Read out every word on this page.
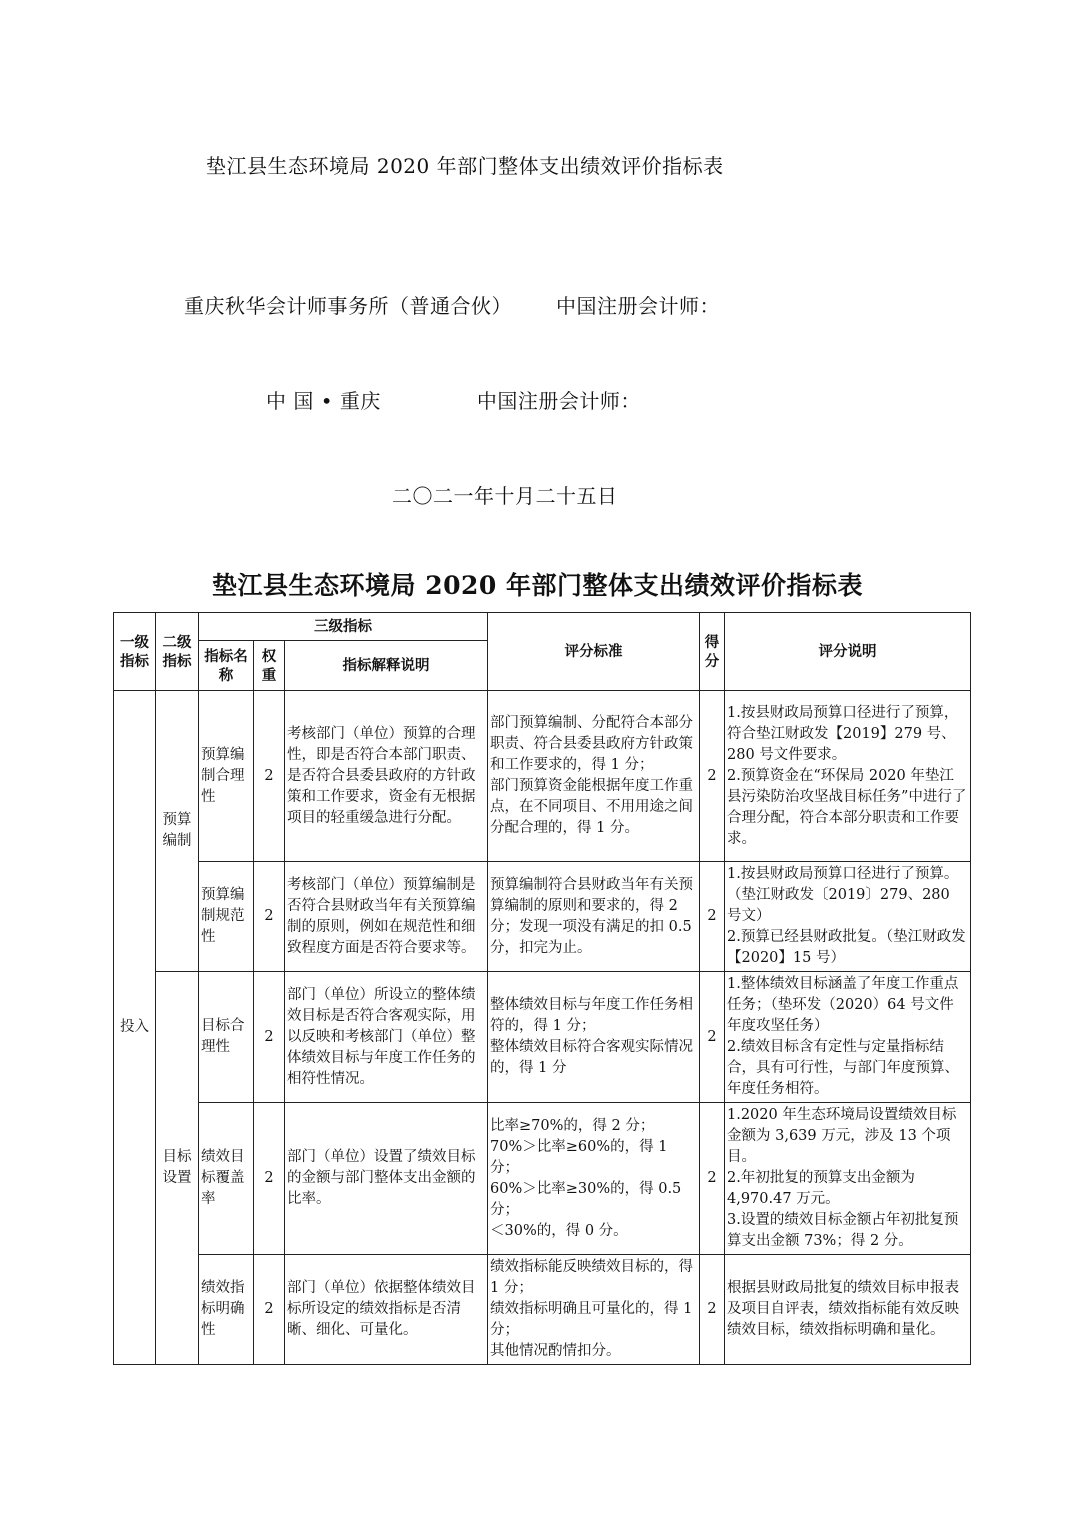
垫江县生态环境局 2020 年部门整体支出绩效评价指标表
重庆秋华会计师事务所（普通合伙） 中国注册会计师：
中 国 • 重庆	中国注册会计师：
二〇二一年十月二十五日
垫江县生态环境局 2020 年部门整体支出绩效评价指标表
一级指标	二级指标	三级指标			评分标准	得分	评分说明
		指标名称	权重	指标解释说明			
投入	预算编制	预算编制合理性	2	考核部门（单位）预算的合理性，即是否符合本部门职责、是否符合县委县政府的方针政策和工作要求，资金有无根据项目的轻重缓急进行分配。	部门预算编制、分配符合本部分职责、符合县委县政府方针政策和工作要求的，得 1 分；
部门预算资金能根据年度工作重点，在不同项目、不用用途之间分配合理的，得 1 分。	2	1.按县财政局预算口径进行了预算，符合垫江财政发【2019】279 号、280 号文件要求。
2.预算资金在“环保局 2020 年垫江县污染防治攻坚战目标任务”中进行了合理分配，符合本部分职责和工作要求。

		预算编制规范性	2	考核部门（单位）预算编制是否符合县财政当年有关预算编制的原则，例如在规范性和细致程度方面是否符合要求等。	预算编制符合县财政当年有关预算编制的原则和要求的，得 2 分；发现一项没有满足的扣 0.5 分，扣完为止。	2	1.按县财政局预算口径进行了预算。（垫江财政发〔2019〕279、280 号文）
2.预算已经县财政批复。（垫江财政发【2020】15 号）

	目标设置	目标合理性	2	部门（单位）所设立的整体绩效目标是否符合客观实际，用以反映和考核部门（单位）整体绩效目标与年度工作任务的相符性情况。	整体绩效目标与年度工作任务相符的，得 1 分；
整体绩效目标符合客观实际情况的，得 1 分	2	1.整体绩效目标涵盖了年度工作重点任务；（垫环发（2020）64 号文件年度攻坚任务）
2.绩效目标含有定性与定量指标结合，具有可行性，与部门年度预算、年度任务相符。

		绩效目标覆盖率	2	部门（单位）设置了绩效目标的金额与部门整体支出金额的比率。	比率≥70%的，得 2 分；
70%＞比率≥60%的，得 1 分；
60%＞比率≥30%的，得 0.5 分；
＜30%的，得 0 分。	2	1.2020 年生态环境局设置绩效目标金额为 3,639 万元，涉及 13 个项目。
2.年初批复的预算支出金额为 4,970.47 万元。
3.设置的绩效目标金额占年初批复预算支出金额 73%；得 2 分。

		绩效指标明确性	2	部门（单位）依据整体绩效目标所设定的绩效指标是否清晰、细化、可量化。	绩效指标能反映绩效目标的，得 1 分；
绩效指标明确且可量化的，得 1 分；
其他情况酌情扣分。	2	根据县财政局批复的绩效目标申报表及项目自评表，绩效指标能有效反映绩效目标，绩效指标明确和量化。
